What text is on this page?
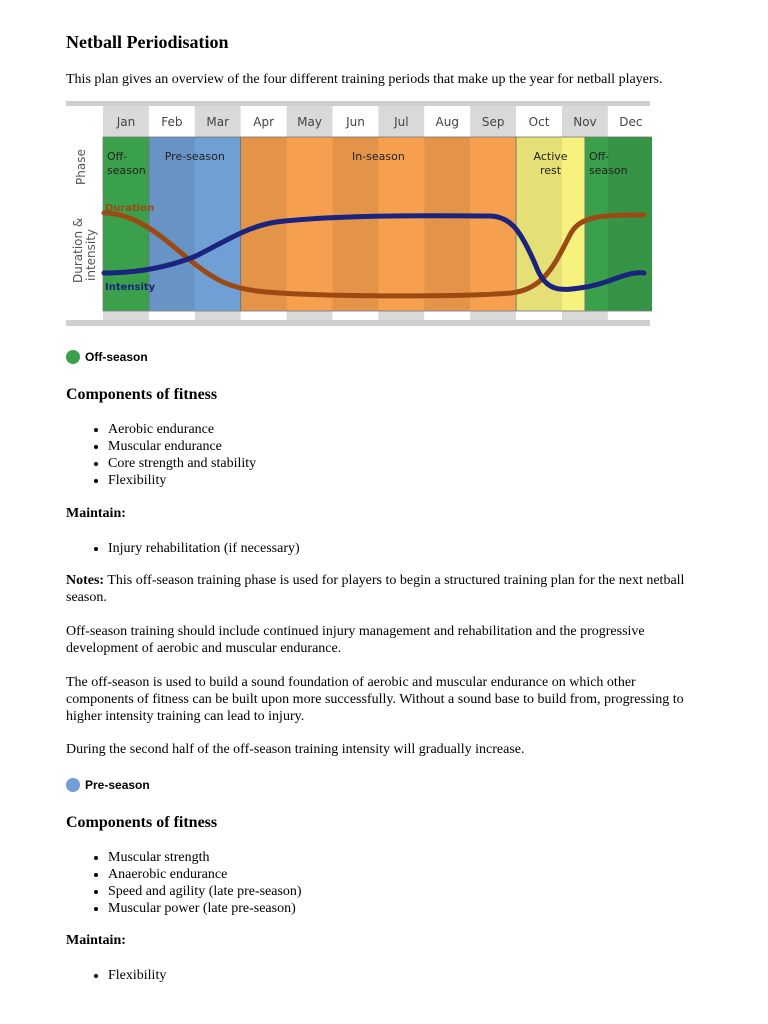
Netball Periodisation

This plan gives an overview of the four different training periods that make up the year for netball players.

Jan Feb Mar Apr May Jun Jul Aug Sep Oct Nov Dec
Off-
season
Pre-season	In-season	Active
rest
Off-
season
Duration
Intensity
Phase
Duration & intensity
Off-season
Components of fitness
• Aerobic endurance
• Muscular endurance
• Core strength and stability
• Flexibility

Maintain:

• Injury rehabilitation (if necessary)

Notes: This off-season training phase is used for players to begin a structured training plan for the next netball season.

Off-season training should include continued injury management and rehabilitation and the progressive development of aerobic and muscular endurance.

The off-season is used to build a sound foundation of aerobic and muscular endurance on which other components of fitness can be built upon more successfully. Without a sound base to build from, progressing to higher intensity training can lead to injury.

During the second half of the off-season training intensity will gradually increase.

Pre-season
Components of fitness
• Muscular strength
• Anaerobic endurance
• Speed and agility (late pre-season)
• Muscular power (late pre-season)

Maintain:

• Flexibility
